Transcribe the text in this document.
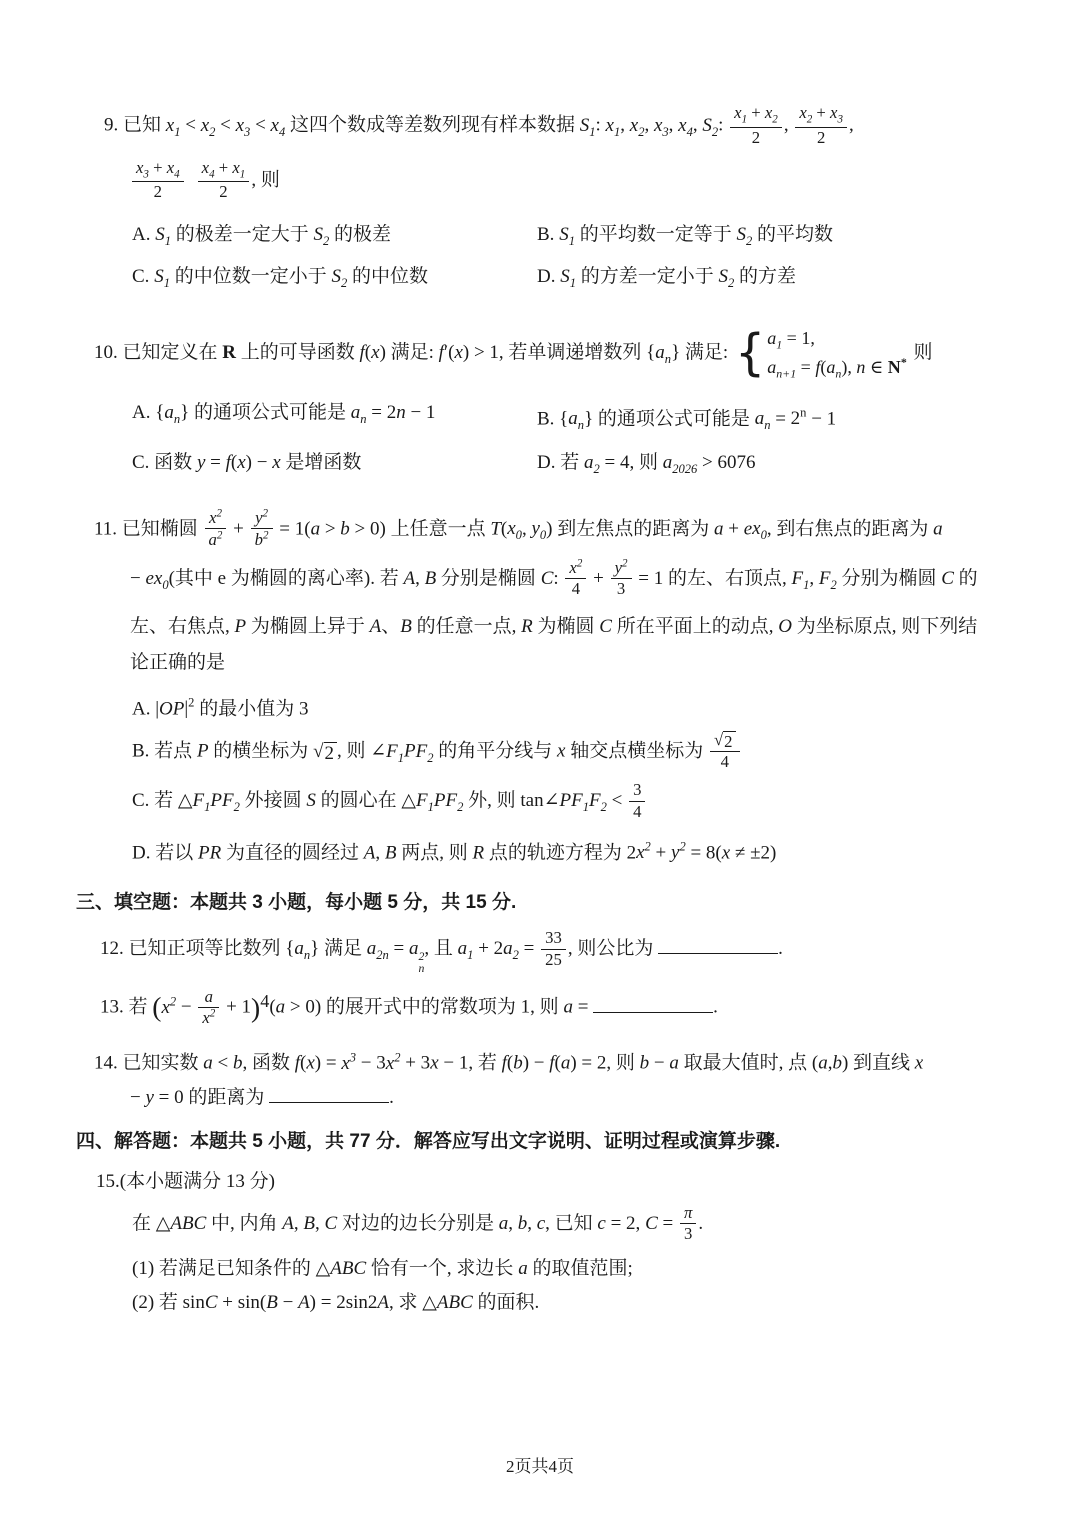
9. 已知 $x_1 < x_2 < x_3 < x_4$ 这四个数成等差数列现有样本数据 $S_1$: $x_1$, $x_2$, $x_3$, $x_4$, $S_2$: $\frac{x_1 + x_2}{2}$ , $\frac{x_2 + x_3}{2}$ ,
$\frac{x_3 + x_4}{2} \frac{x_4 + x_1}{2}$ , 则
A. $S_1$ 的极差一定大于 $S_2$ 的极差	B. $S_1$ 的平均数一定等于 $S_2$ 的平均数
C. $S_1$ 的中位数一定小于 $S_2$ 的中位数	D. $S_1$ 的方差一定小于 $S_2$ 的方差
10. 已知定义在 R 上的可导函数 f(x) 满足: f′(x) > 1, 若单调递增数列 $\{a_n\}$ 满足: { $a_1 = 1$,
$a_{n+1} = f(a_n)$, n ∈ N* 则
A. $\{a_n\}$ 的通项公式可能是 $a_n = 2n - 1$	B. $\{a_n\}$ 的通项公式可能是 $a_n = 2^n - 1$
C. 函数 y = f(x) − x 是增函数	D. 若 $a_2 = 4$, 则 $a_{2026} > 6076$
11. 已知椭圆 $\frac{x^2}{a^2} + \frac{y^2}{b^2} = 1(a > b > 0)$ 上任意一点 $T(x_0$, $y_0$) 到左焦点的距离为 $a + ex_0$, 到右焦点的距离为 a
− $ex_0$(其中 e 为椭圆的离心率). 若 A, B 分别是椭圆 C: $\frac{x^2}{4} + \frac{y^2}{3} = 1$ 的左、右顶点, $F_1$, $F_2$ 分别为椭圆 C 的
左、右焦点, P 为椭圆上异于 A、B 的任意一点, R 为椭圆 C 所在平面上的动点, O 为坐标原点, 则下列结
论正确的是
A. $|OP|^2$ 的最小值为 3
B. 若点 P 的横坐标为 √ 2 , 则 $\angle F_1PF_2$ 的角平分线与 x 轴交点横坐标为 $\frac{√ 2}{4}$
C. 若 $\triangle F_1PF_2$ 外接圆 S 的圆心在 $\triangle F_1PF_2$ 外, 则 $\tan\angle PF_1F_2 < \frac{3}{4}$
D. 若以 PR 为直径的圆经过 A, B 两点, 则 R 点的轨迹方程为 $2x^2 + y^2 = 8(x \ne \pm 2)$
三、填空题：本题共 3 小题，每小题 5 分，共 15 分.
12. 已知正项等比数列 $\{a_n\}$ 满足 $a_{2n} = a$ 2
n
, 且 $a_1 + 2a_2 = \frac{33}{25}$ , 则公比为	.
13. 若 $(x^2 - \frac{a}{x^2} + 1)^4(a > 0)$ 的展开式中的常数项为 1, 则 a =	.
14. 已知实数 a < b, 函数 $f(x) = x^3 - 3x^2 + 3x - 1$, 若 f(b) − f(a) = 2, 则 b − a 取最大值时, 点 (a,b) 到直线 x
− y = 0 的距离为	.
四、解答题：本题共 5 小题，共 77 分．解答应写出文字说明、证明过程或演算步骤.
15.(本小题满分 13 分)
在 △ABC 中, 内角 A, B, C 对边的边长分别是 a, b, c, 已知 c = 2, $C = \frac{\pi}{3}$ .
(1) 若满足已知条件的 △ABC 恰有一个, 求边长 a 的取值范围;
(2) 若 sinC + sin(B − A) = 2sin2A, 求 △ABC 的面积.
2页共4页
